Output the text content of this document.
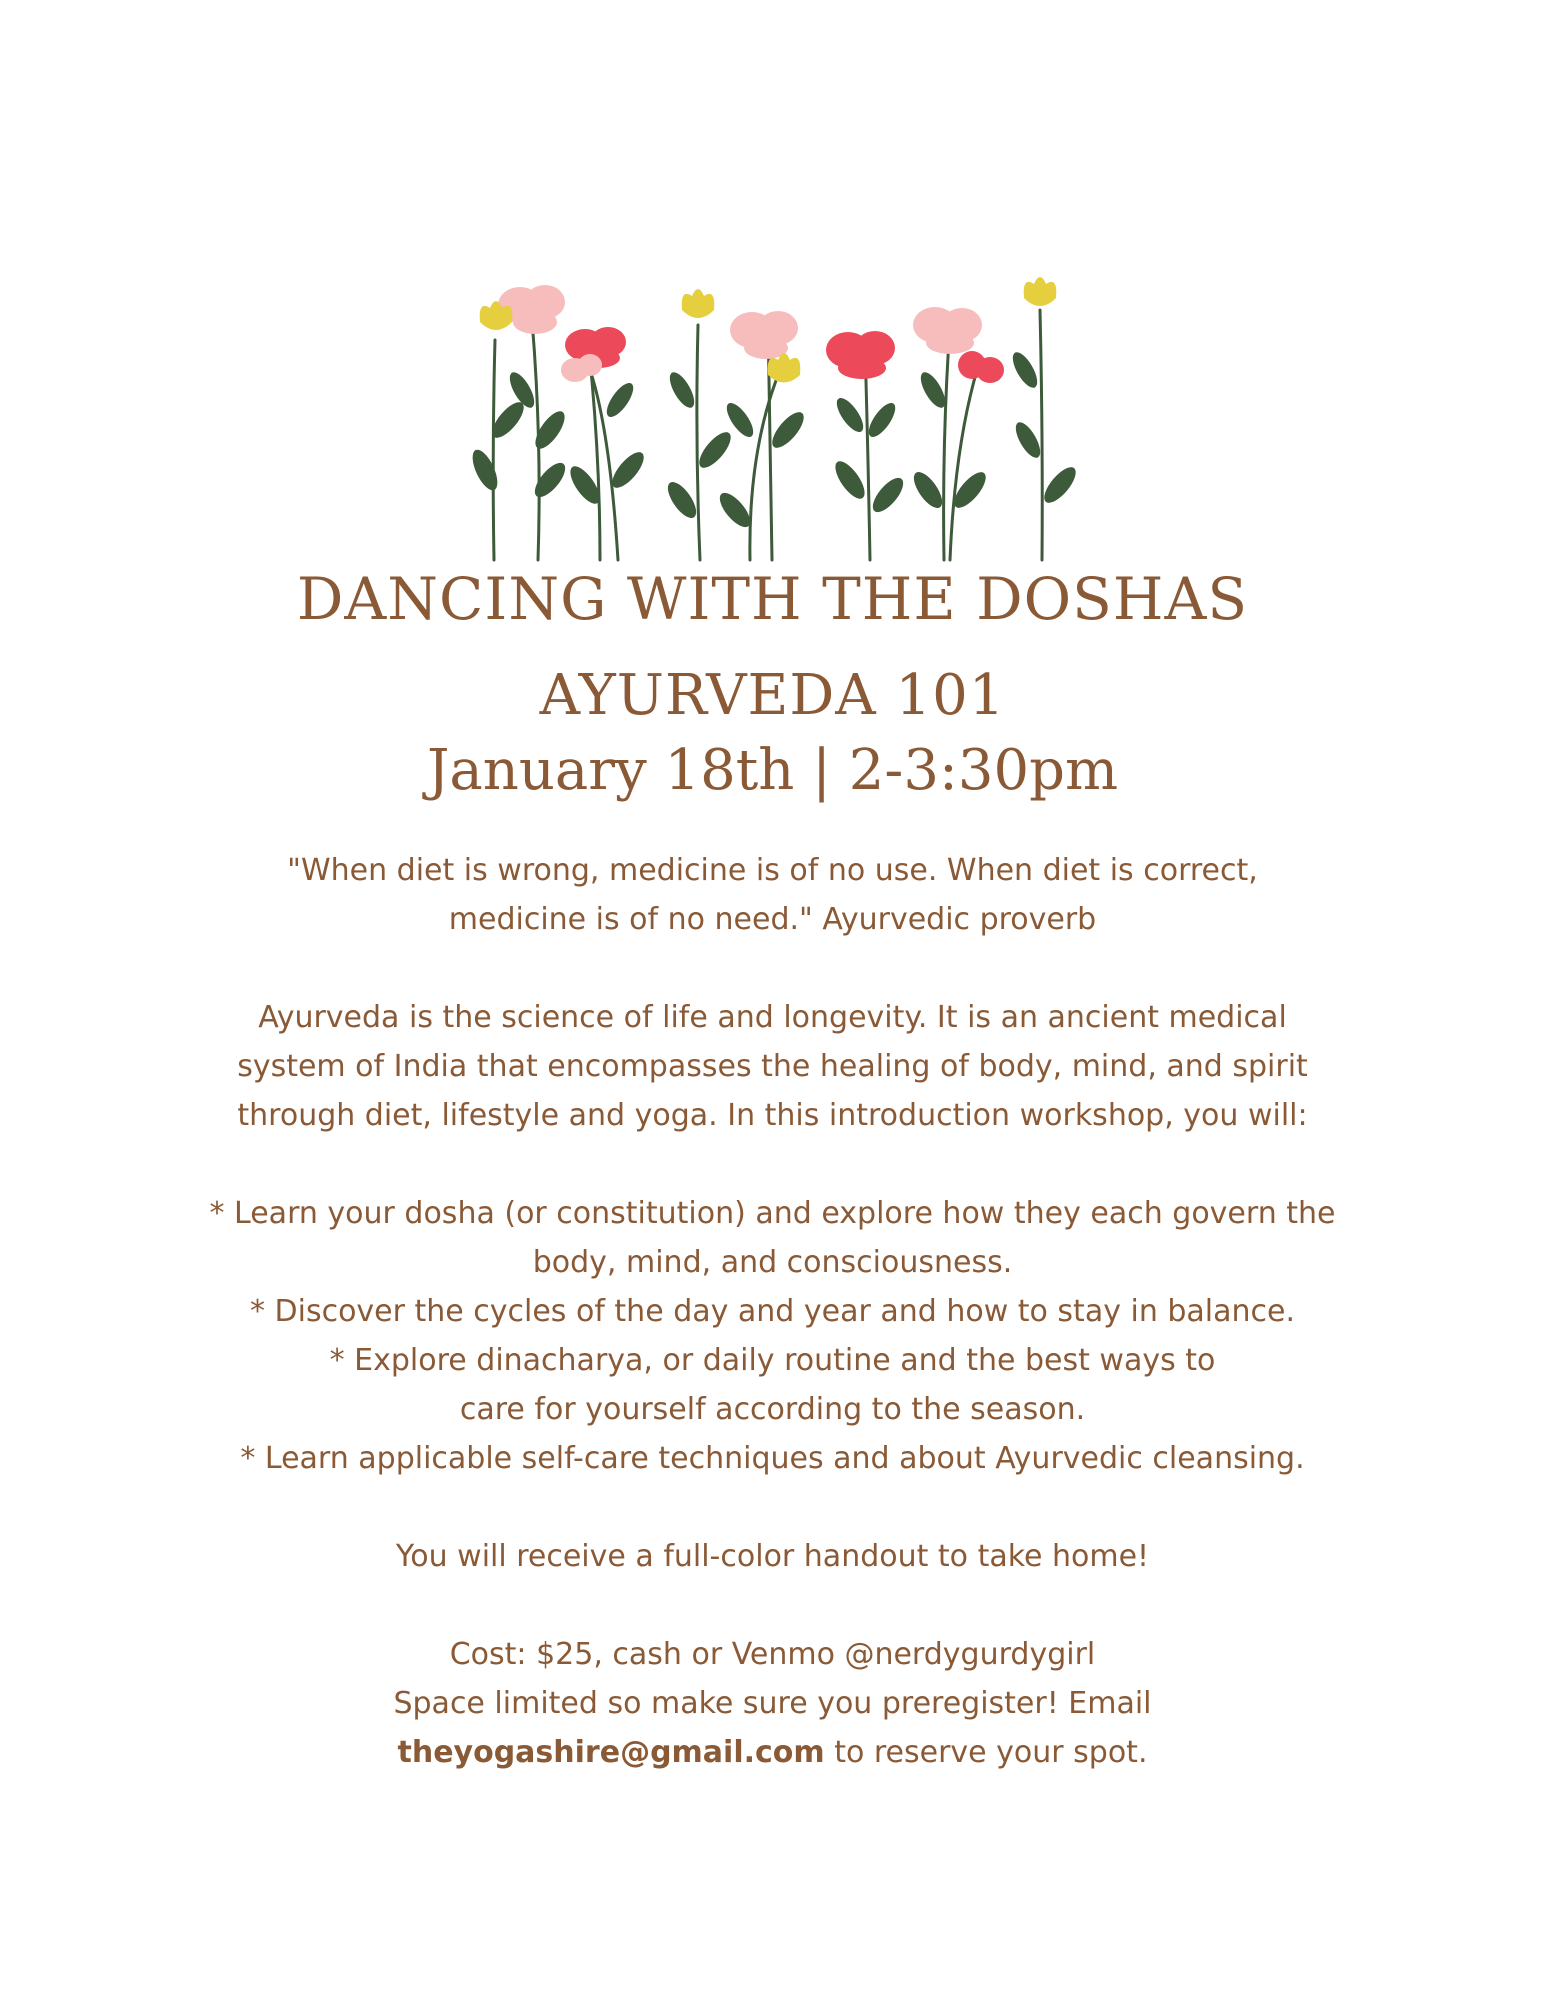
DANCING WITH THE DOSHAS
AYURVEDA 101
January 18th | 2-3:30pm
"When diet is wrong, medicine is of no use. When diet is correct,
medicine is of no need." Ayurvedic proverb
Ayurveda is the science of life and longevity. It is an ancient medical
system of India that encompasses the healing of body, mind, and spirit
through diet, lifestyle and yoga. In this introduction workshop, you will:
* Learn your dosha (or constitution) and explore how they each govern the
body, mind, and consciousness.
* Discover the cycles of the day and year and how to stay in balance.
* Explore dinacharya, or daily routine and the best ways to
care for yourself according to the season.
* Learn applicable self-care techniques and about Ayurvedic cleansing.
You will receive a full-color handout to take home!
Cost: $25, cash or Venmo @nerdygurdygirl
Space limited so make sure you preregister! Email
theyogashire@gmail.com to reserve your spot.
